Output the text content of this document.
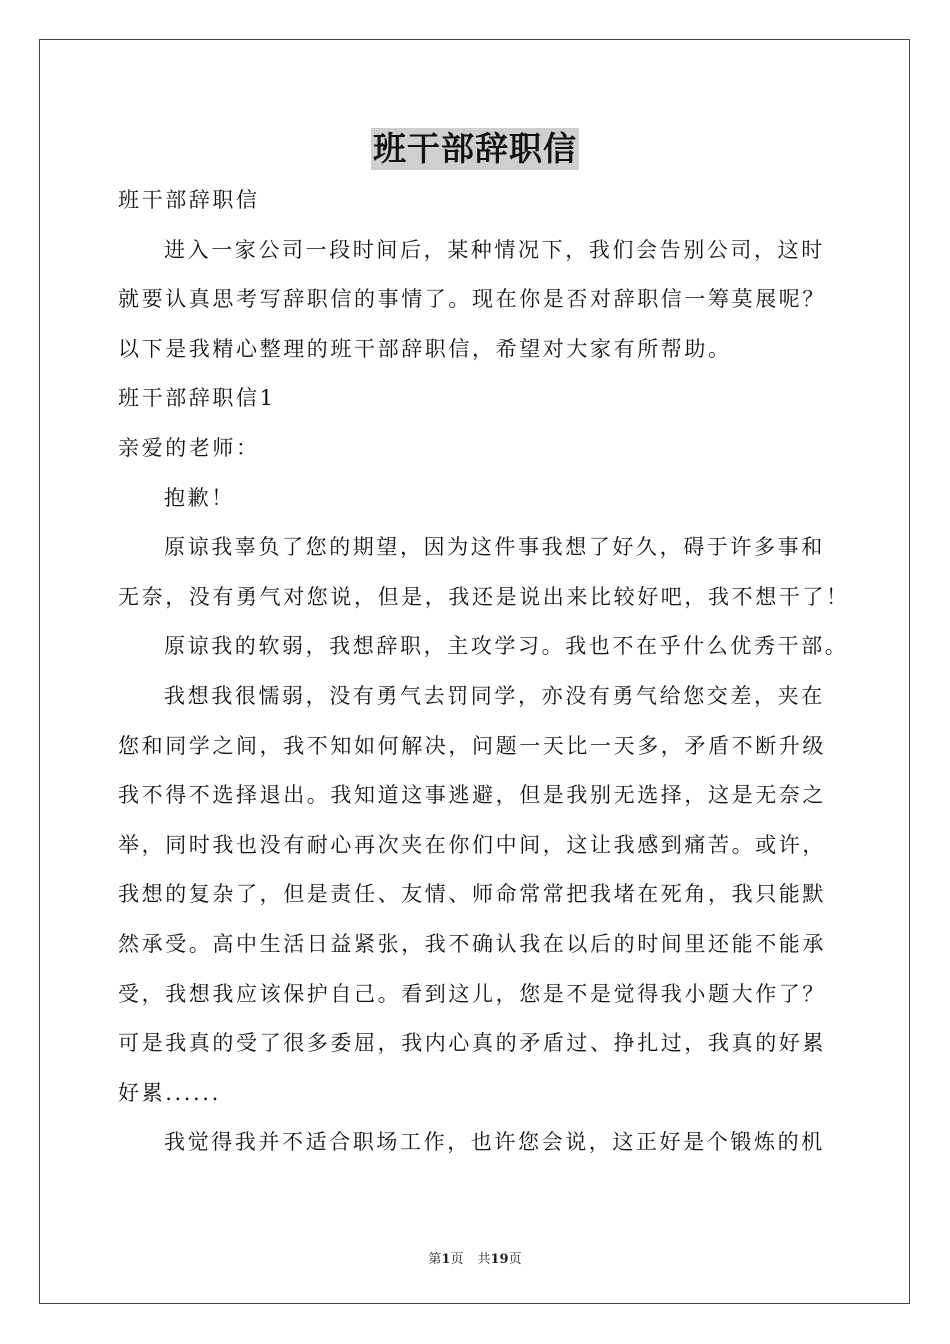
班干部辞职信
班干部辞职信
进入一家公司一段时间后，某种情况下，我们会告别公司，这时
就要认真思考写辞职信的事情了。现在你是否对辞职信一筹莫展呢？
以下是我精心整理的班干部辞职信，希望对大家有所帮助。
班干部辞职信1
亲爱的老师：
抱歉！
原谅我辜负了您的期望，因为这件事我想了好久，碍于许多事和
无奈，没有勇气对您说，但是，我还是说出来比较好吧，我不想干了！
原谅我的软弱，我想辞职，主攻学习。我也不在乎什么优秀干部。
我想我很懦弱，没有勇气去罚同学，亦没有勇气给您交差，夹在
您和同学之间，我不知如何解决，问题一天比一天多，矛盾不断升级
我不得不选择退出。我知道这事逃避，但是我别无选择，这是无奈之
举，同时我也没有耐心再次夹在你们中间，这让我感到痛苦。或许，
我想的复杂了，但是责任、友情、师命常常把我堵在死角，我只能默
然承受。高中生活日益紧张，我不确认我在以后的时间里还能不能承
受，我想我应该保护自己。看到这儿，您是不是觉得我小题大作了？
可是我真的受了很多委屈，我内心真的矛盾过、挣扎过，我真的好累
好累......
我觉得我并不适合职场工作，也许您会说，这正好是个锻炼的机
第1页 共19页
